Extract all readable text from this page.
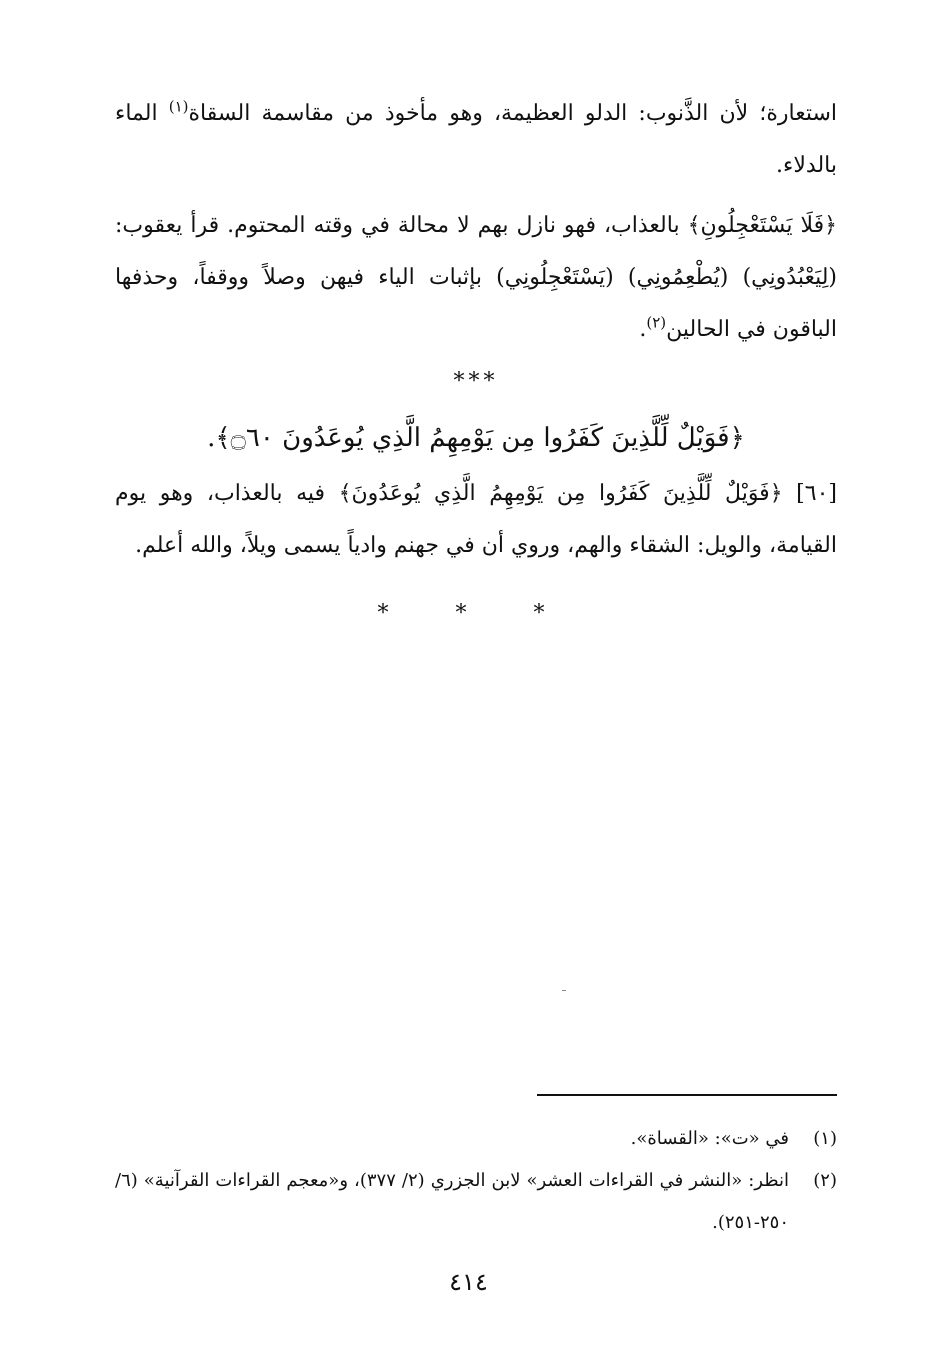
استعارة؛ لأن الذَّنوب: الدلو العظيمة، وهو مأخوذ من مقاسمة السقاة$^{(١)}$ الماء بالدلاء.

﴿فَلَا يَسْتَعْجِلُونِ﴾ بالعذاب، فهو نازل بهم لا محالة في وقته المحتوم. قرأ يعقوب: (لِيَعْبُدُونِي) (يُطْعِمُونِي) (يَسْتَعْجِلُونِي) بإثبات الياء فيهن وصلاً ووقفاً، وحذفها الباقون في الحالين$^{(٢)}$.

***

﴿فَوَيْلٌ لِّلَّذِينَ كَفَرُوا مِن يَوْمِهِمُ الَّذِي يُوعَدُونَ ۝٦٠﴾.

[٦٠] ﴿فَوَيْلٌ لِّلَّذِينَ كَفَرُوا مِن يَوْمِهِمُ الَّذِي يُوعَدُونَ﴾ فيه بالعذاب، وهو يوم القيامة، والويل: الشقاء والهم، وروي أن في جهنم وادياً يسمى ويلاً، والله أعلم.

* * *

(١)
في «ت»: «القساة».

(٢)
انظر: «النشر في القراءات العشر» لابن الجزري (٢/ ٣٧٧)، و«معجم القراءات القرآنية» (٦/ ٢٥٠-٢٥١).

٤١٤
